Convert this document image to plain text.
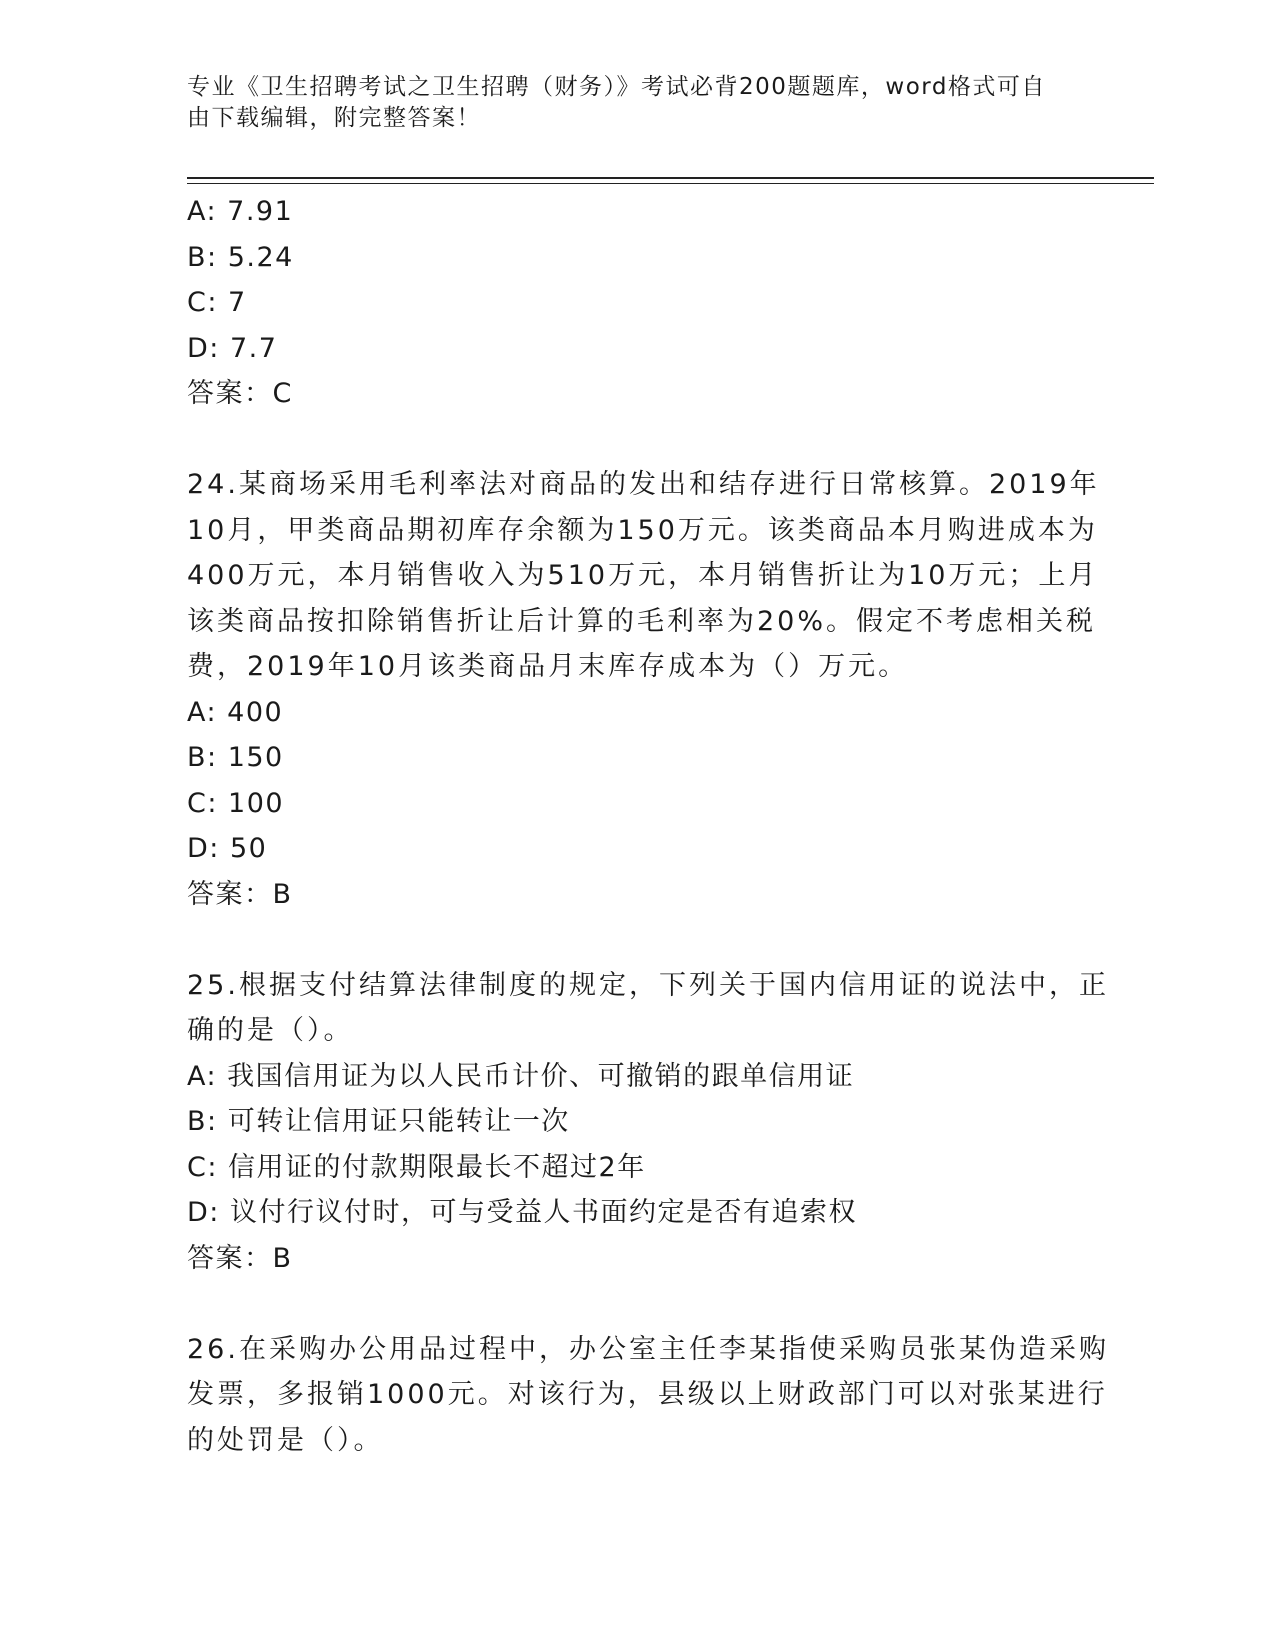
专业《卫生招聘考试之卫生招聘（财务）》考试必背200题题库，word格式可自
由下载编辑，附完整答案！
A: 7.91
B: 5.24
C: 7
D: 7.7
答案：C
24.某商场采用毛利率法对商品的发出和结存进行日常核算。2019年
10月，甲类商品期初库存余额为150万元。该类商品本月购进成本为
400万元，本月销售收入为510万元，本月销售折让为10万元；上月
该类商品按扣除销售折让后计算的毛利率为20%。假定不考虑相关税
费，2019年10月该类商品月末库存成本为（）万元。
A: 400
B: 150
C: 100
D: 50
答案：B
25.根据支付结算法律制度的规定，下列关于国内信用证的说法中，正
确的是（）。
A: 我国信用证为以人民币计价、可撤销的跟单信用证
B: 可转让信用证只能转让一次
C: 信用证的付款期限最长不超过2年
D: 议付行议付时，可与受益人书面约定是否有追索权
答案：B
26.在采购办公用品过程中，办公室主任李某指使采购员张某伪造采购
发票，多报销1000元。对该行为，县级以上财政部门可以对张某进行
的处罚是（）。
